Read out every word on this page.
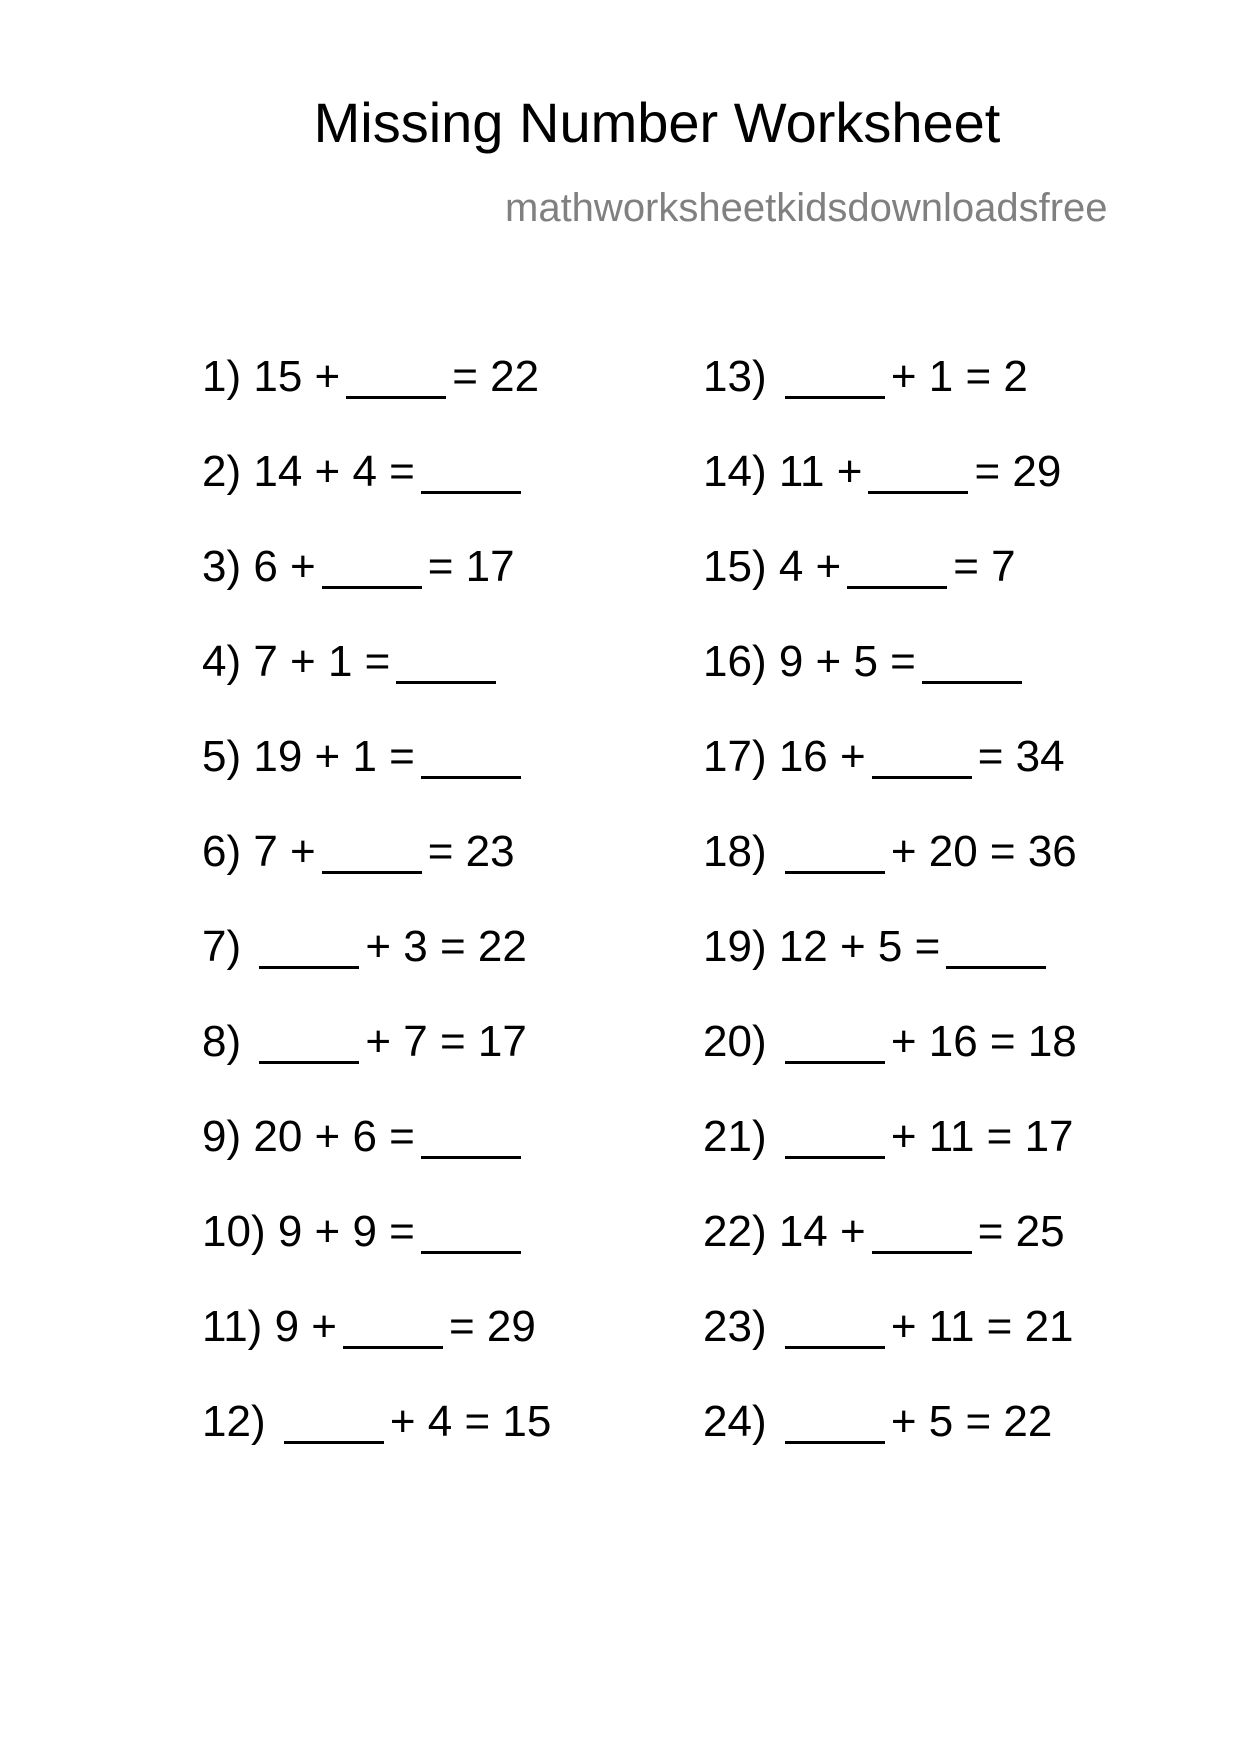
Missing Number Worksheet
mathworksheetkidsdownloadsfree
1) 15 +	= 22
2) 14 + 4 =
3) 6 +	= 17
4) 7 + 1 =
5) 19 + 1 =
6) 7 +	= 23
7)	+ 3 = 22
8)	+ 7 = 17
9) 20 + 6 =
10) 9 + 9 =
11) 9 +	= 29
12)	+ 4 = 15
13)	+ 1 = 2
14) 11 +	= 29
15) 4 +	= 7
16) 9 + 5 =
17) 16 +	= 34
18)	+ 20 = 36
19) 12 + 5 =
20)	+ 16 = 18
21)	+ 11 = 17
22) 14 +	= 25
23)	+ 11 = 21
24)	+ 5 = 22
